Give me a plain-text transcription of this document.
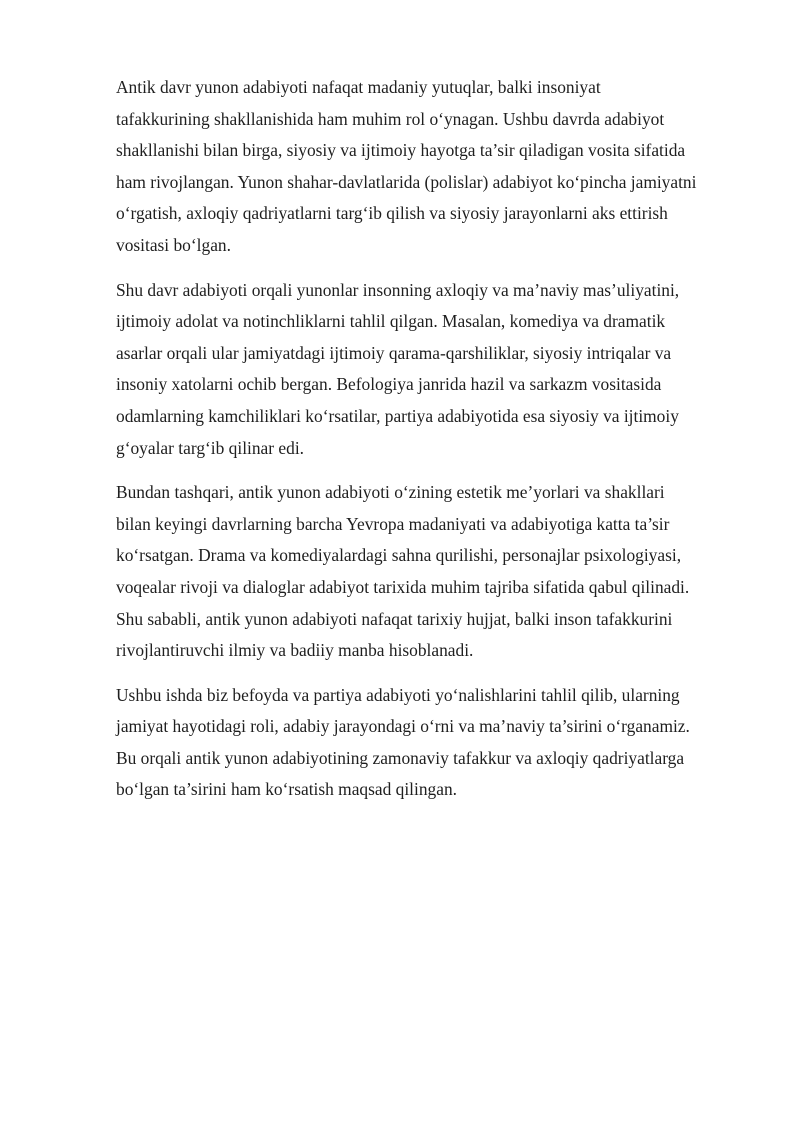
Antik davr yunon adabiyoti nafaqat madaniy yutuqlar, balki insoniyat
tafakkurining shakllanishida ham muhim rol o‘ynagan. Ushbu davrda adabiyot
shakllanishi bilan birga, siyosiy va ijtimoiy hayotga ta’sir qiladigan vosita sifatida
ham rivojlangan. Yunon shahar-davlatlarida (polislar) adabiyot ko‘pincha jamiyatni
o‘rgatish, axloqiy qadriyatlarni targ‘ib qilish va siyosiy jarayonlarni aks ettirish
vositasi bo‘lgan.

Shu davr adabiyoti orqali yunonlar insonning axloqiy va ma’naviy mas’uliyatini,
ijtimoiy adolat va notinchliklarni tahlil qilgan. Masalan, komediya va dramatik
asarlar orqali ular jamiyatdagi ijtimoiy qarama-qarshiliklar, siyosiy intriqalar va
insoniy xatolarni ochib bergan. Befologiya janrida hazil va sarkazm vositasida
odamlarning kamchiliklari ko‘rsatilar, partiya adabiyotida esa siyosiy va ijtimoiy
g‘oyalar targ‘ib qilinar edi.

Bundan tashqari, antik yunon adabiyoti o‘zining estetik me’yorlari va shakllari
bilan keyingi davrlarning barcha Yevropa madaniyati va adabiyotiga katta ta’sir
ko‘rsatgan. Drama va komediyalardagi sahna qurilishi, personajlar psixologiyasi,
voqealar rivoji va dialoglar adabiyot tarixida muhim tajriba sifatida qabul qilinadi.
Shu sababli, antik yunon adabiyoti nafaqat tarixiy hujjat, balki inson tafakkurini
rivojlantiruvchi ilmiy va badiiy manba hisoblanadi.

Ushbu ishda biz befoyda va partiya adabiyoti yo‘nalishlarini tahlil qilib, ularning
jamiyat hayotidagi roli, adabiy jarayondagi o‘rni va ma’naviy ta’sirini o‘rganamiz.
Bu orqali antik yunon adabiyotining zamonaviy tafakkur va axloqiy qadriyatlarga
bo‘lgan ta’sirini ham ko‘rsatish maqsad qilingan.
